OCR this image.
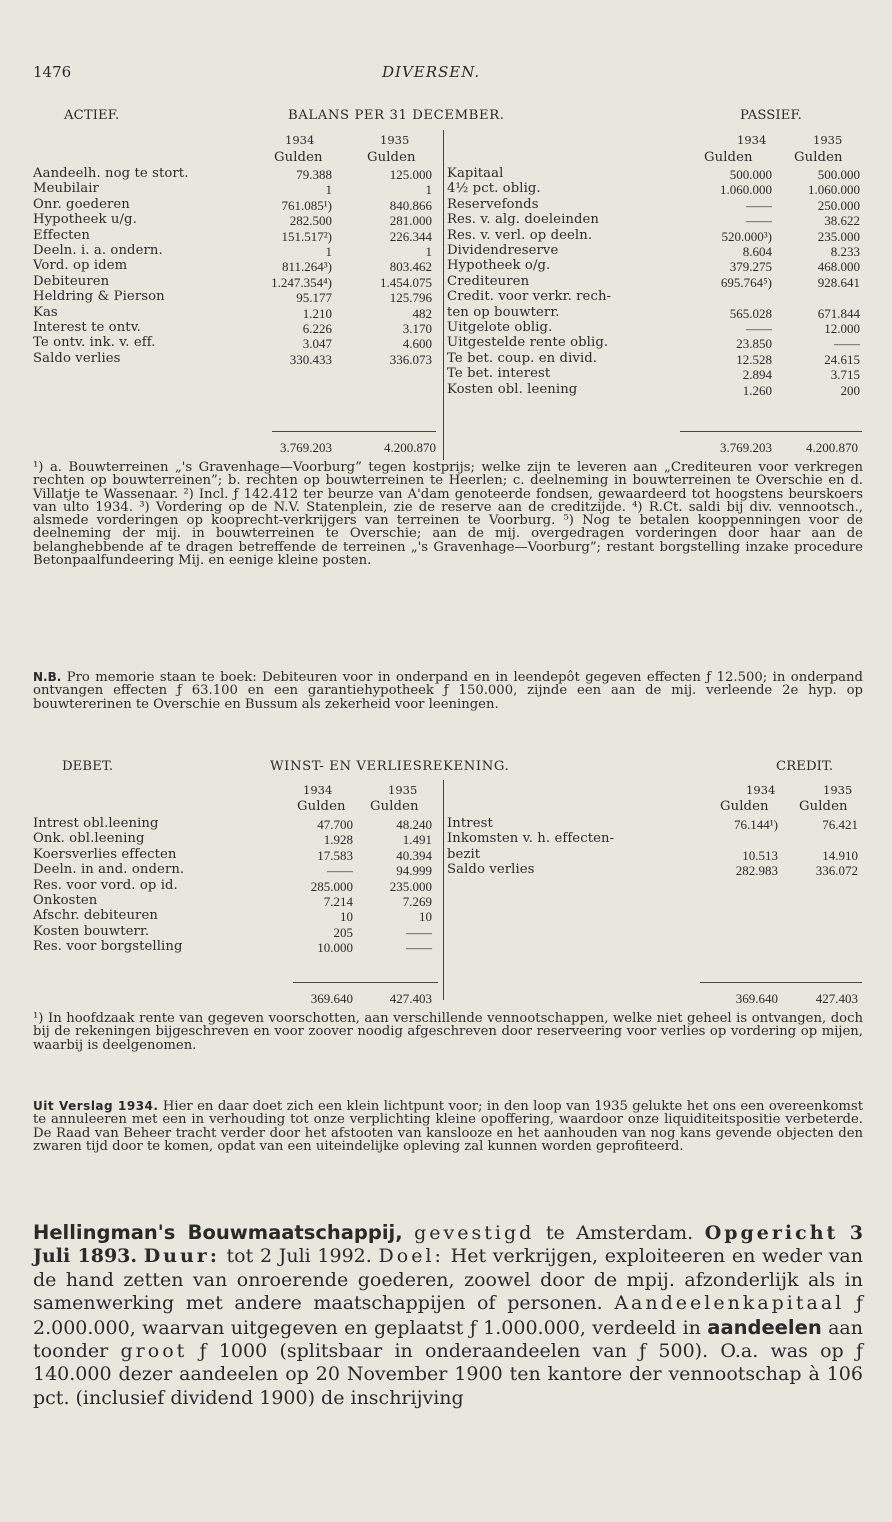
1476	DIVERSEN.
ACTIEF.	BALANS PER 31 DECEMBER.	PASSIEF.
1934	1935
Gulden	Gulden
1934	1935
Gulden	Gulden
Aandeelh. nog te stort.	79.388	125.000
Meubilair	1	1
Onr. goederen	761.085¹)	840.866
Hypotheek u/g.	282.500	281.000
Effecten	151.517²)	226.344
Deeln. i. a. ondern.	1	1
Vord. op idem	811.264³)	803.462
Debiteuren	1.247.354⁴)	1.454.075
Heldring & Pierson	95.177	125.796
Kas	1.210	482
Interest te ontv.	6.226	3.170
Te ontv. ink. v. eff.	3.047	4.600
Saldo verlies	330.433	336.073
Kapitaal	500.000	500.000
4½ pct. oblig.	1.060.000	1.060.000
Reservefonds	——	250.000
Res. v. alg. doeleinden	——	38.622
Res. v. verl. op deeln.	520.000³)	235.000
Dividendreserve	8.604	8.233
Hypotheek o/g.	379.275	468.000
Crediteuren	695.764⁵)	928.641
Credit. voor verkr. rech-
ten op bouwterr.	565.028	671.844
Uitgelote oblig.	——	12.000
Uitgestelde rente oblig.	23.850	——
Te bet. coup. en divid.	12.528	24.615
Te bet. interest	2.894	3.715
Kosten obl. leening	1.260	200
3.769.203	4.200.870	3.769.203	4.200.870
¹) a. Bouwterreinen „'s Gravenhage—Voorburg” tegen kostprijs; welke zijn te leveren aan „Crediteuren voor verkregen rechten op bouwterreinen”; b. rechten op bouwterreinen te Heerlen; c. deelneming in bouwterreinen te Overschie en d. Villatje te Wassenaar. ²) Incl. ƒ 142.412 ter beurze van A'dam genoteerde fondsen, gewaardeerd tot hoogstens beurskoers van ulto 1934. ³) Vordering op de N.V. Statenplein, zie de reserve aan de creditzijde. ⁴) R.Ct. saldi bij div. vennootsch., alsmede vorderingen op kooprecht-verkrijgers van terreinen te Voorburg. ⁵) Nog te betalen kooppenningen voor de deelneming der mij. in bouwterreinen te Overschie; aan de mij. overgedragen vorderingen door haar aan de belanghebbende af te dragen betreffende de terreinen „'s Gravenhage—Voorburg”; restant borgstelling inzake procedure Betonpaalfundeering Mij. en eenige kleine posten.
N.B. Pro memorie staan te boek: Debiteuren voor in onderpand en in leendepôt gegeven effecten ƒ 12.500; in onderpand ontvangen effecten ƒ 63.100 en een garantiehypotheek ƒ 150.000, zijnde een aan de mij. verleende 2e hyp. op bouwtererinen te Overschie en Bussum als zekerheid voor leeningen.
DEBET.	WINST- EN VERLIESREKENING.	CREDIT.
1934	1935
Gulden Gulden
1934	1935
Gulden Gulden
Intrest obl.leening	47.700	48.240
Onk. obl.leening	1.928	1.491
Koersverlies effecten	17.583	40.394
Deeln. in and. ondern.	——	94.999
Res. voor vord. op id.	285.000	235.000
Onkosten	7.214	7.269
Afschr. debiteuren	10	10
Kosten bouwterr.	205	——
Res. voor borgstelling	10.000	——
Intrest	76.144¹)	76.421
Inkomsten v. h. effecten-
bezit	10.513	14.910
Saldo verlies	282.983	336.072
369.640	427.403	369.640	427.403
¹) In hoofdzaak rente van gegeven voorschotten, aan verschillende vennootschappen, welke niet geheel is ontvangen, doch bij de rekeningen bijgeschreven en voor zoover noodig afgeschreven door reserveering voor verlies op vordering op mijen, waarbij is deelgenomen.
Uit Verslag 1934. Hier en daar doet zich een klein lichtpunt voor; in den loop van 1935 gelukte het ons een overeenkomst te annuleeren met een in verhouding tot onze verplichting kleine opoffering, waardoor onze liquiditeitspositie verbeterde. De Raad van Beheer tracht verder door het afstooten van kanslooze en het aanhouden van nog kans gevende objecten den zwaren tijd door te komen, opdat van een uiteindelijke opleving zal kunnen worden geprofiteerd.
Hellingman's Bouwmaatschappij, gevestigd te Amsterdam. Opgericht 3 Juli 1893. Duur: tot 2 Juli 1992. Doel: Het verkrijgen, exploiteeren en weder van de hand zetten van onroerende goederen, zoowel door de mpij. afzonderlijk als in samenwerking met andere maatschappijen of personen. Aandeelenkapitaal ƒ 2.000.000, waarvan uitgegeven en geplaatst ƒ 1.000.000, verdeeld in aandeelen aan toonder groot ƒ 1000 (splitsbaar in onderaandeelen van ƒ 500). O.a. was op ƒ 140.000 dezer aandeelen op 20 November 1900 ten kantore der vennootschap à 106 pct. (inclusief dividend 1900) de inschrijving
